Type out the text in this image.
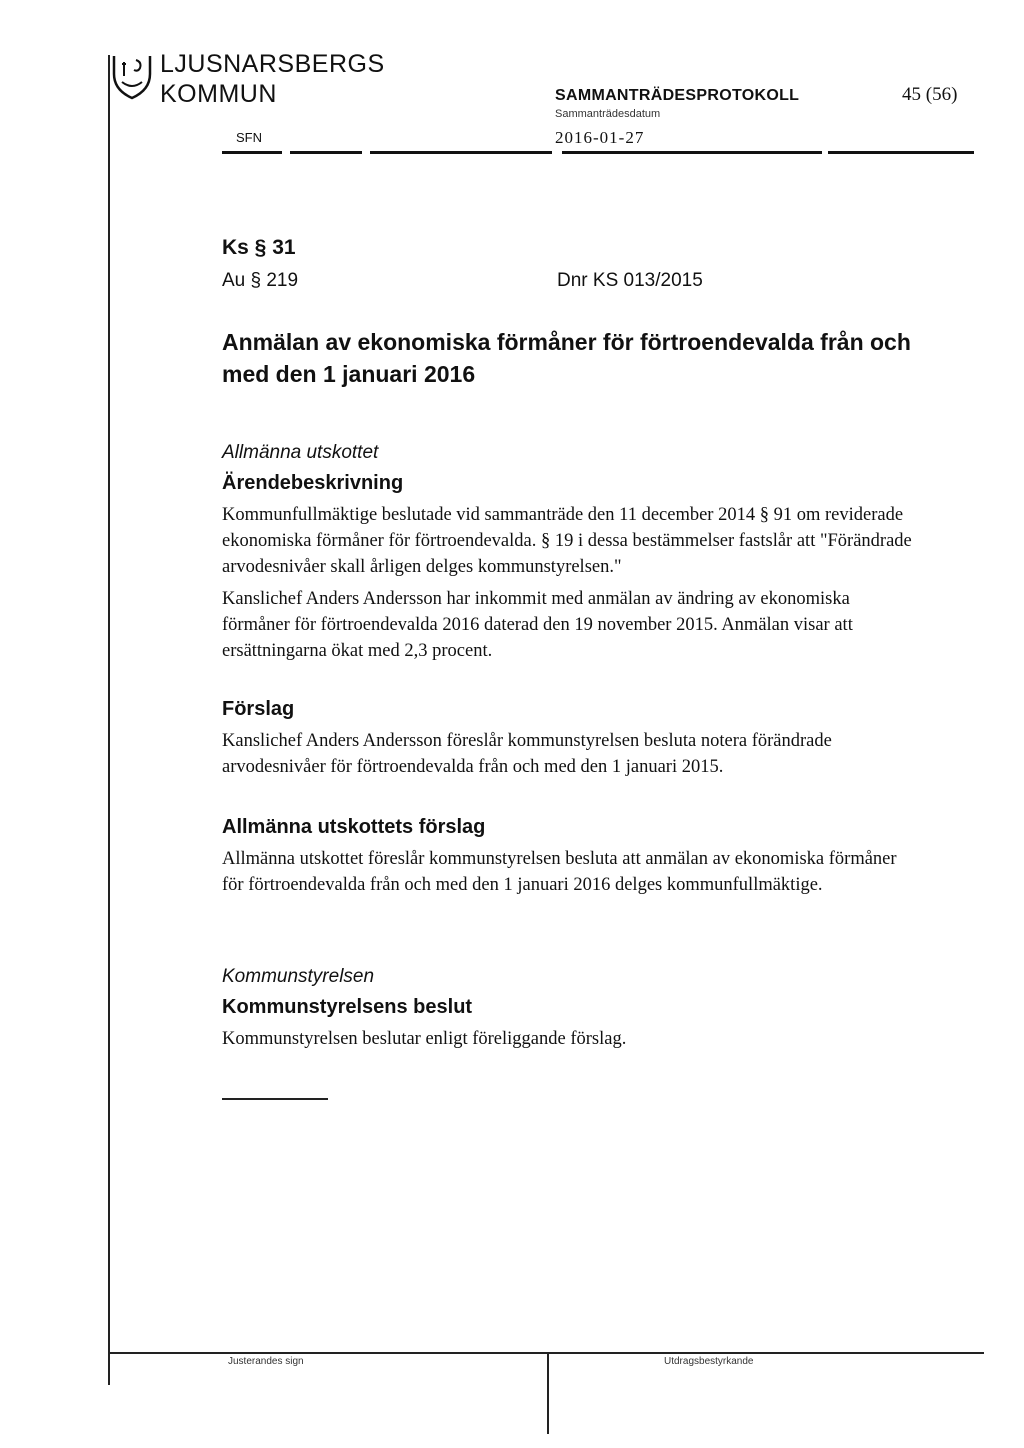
LJUSNARSBERGS
KOMMUN	SAMMANTRÄDESPROTOKOLL	45 (56)
Sammanträdesdatum
2016-01-27
SFN
Ks § 31
Au § 219	Dnr KS 013/2015
Anmälan av ekonomiska förmåner för förtroendevalda från och med den 1 januari 2016
Allmänna utskottet
Ärendebeskrivning
Kommunfullmäktige beslutade vid sammanträde den 11 december 2014 § 91 om reviderade ekonomiska förmåner för förtroendevalda. § 19 i dessa bestämmelser fastslår att "Förändrade arvodesnivåer skall årligen delges kommunstyrelsen."
Kanslichef Anders Andersson har inkommit med anmälan av ändring av ekonomiska förmåner för förtroendevalda 2016 daterad den 19 november 2015. Anmälan visar att ersättningarna ökat med 2,3 procent.
Förslag
Kanslichef Anders Andersson föreslår kommunstyrelsen besluta notera förändrade arvodesnivåer för förtroendevalda från och med den 1 januari 2015.
Allmänna utskottets förslag
Allmänna utskottet föreslår kommunstyrelsen besluta att anmälan av ekonomiska förmåner för förtroendevalda från och med den 1 januari 2016 delges kommunfullmäktige.
Kommunstyrelsen
Kommunstyrelsens beslut
Kommunstyrelsen beslutar enligt föreliggande förslag.
Justerandes sign	Utdragsbestyrkande
